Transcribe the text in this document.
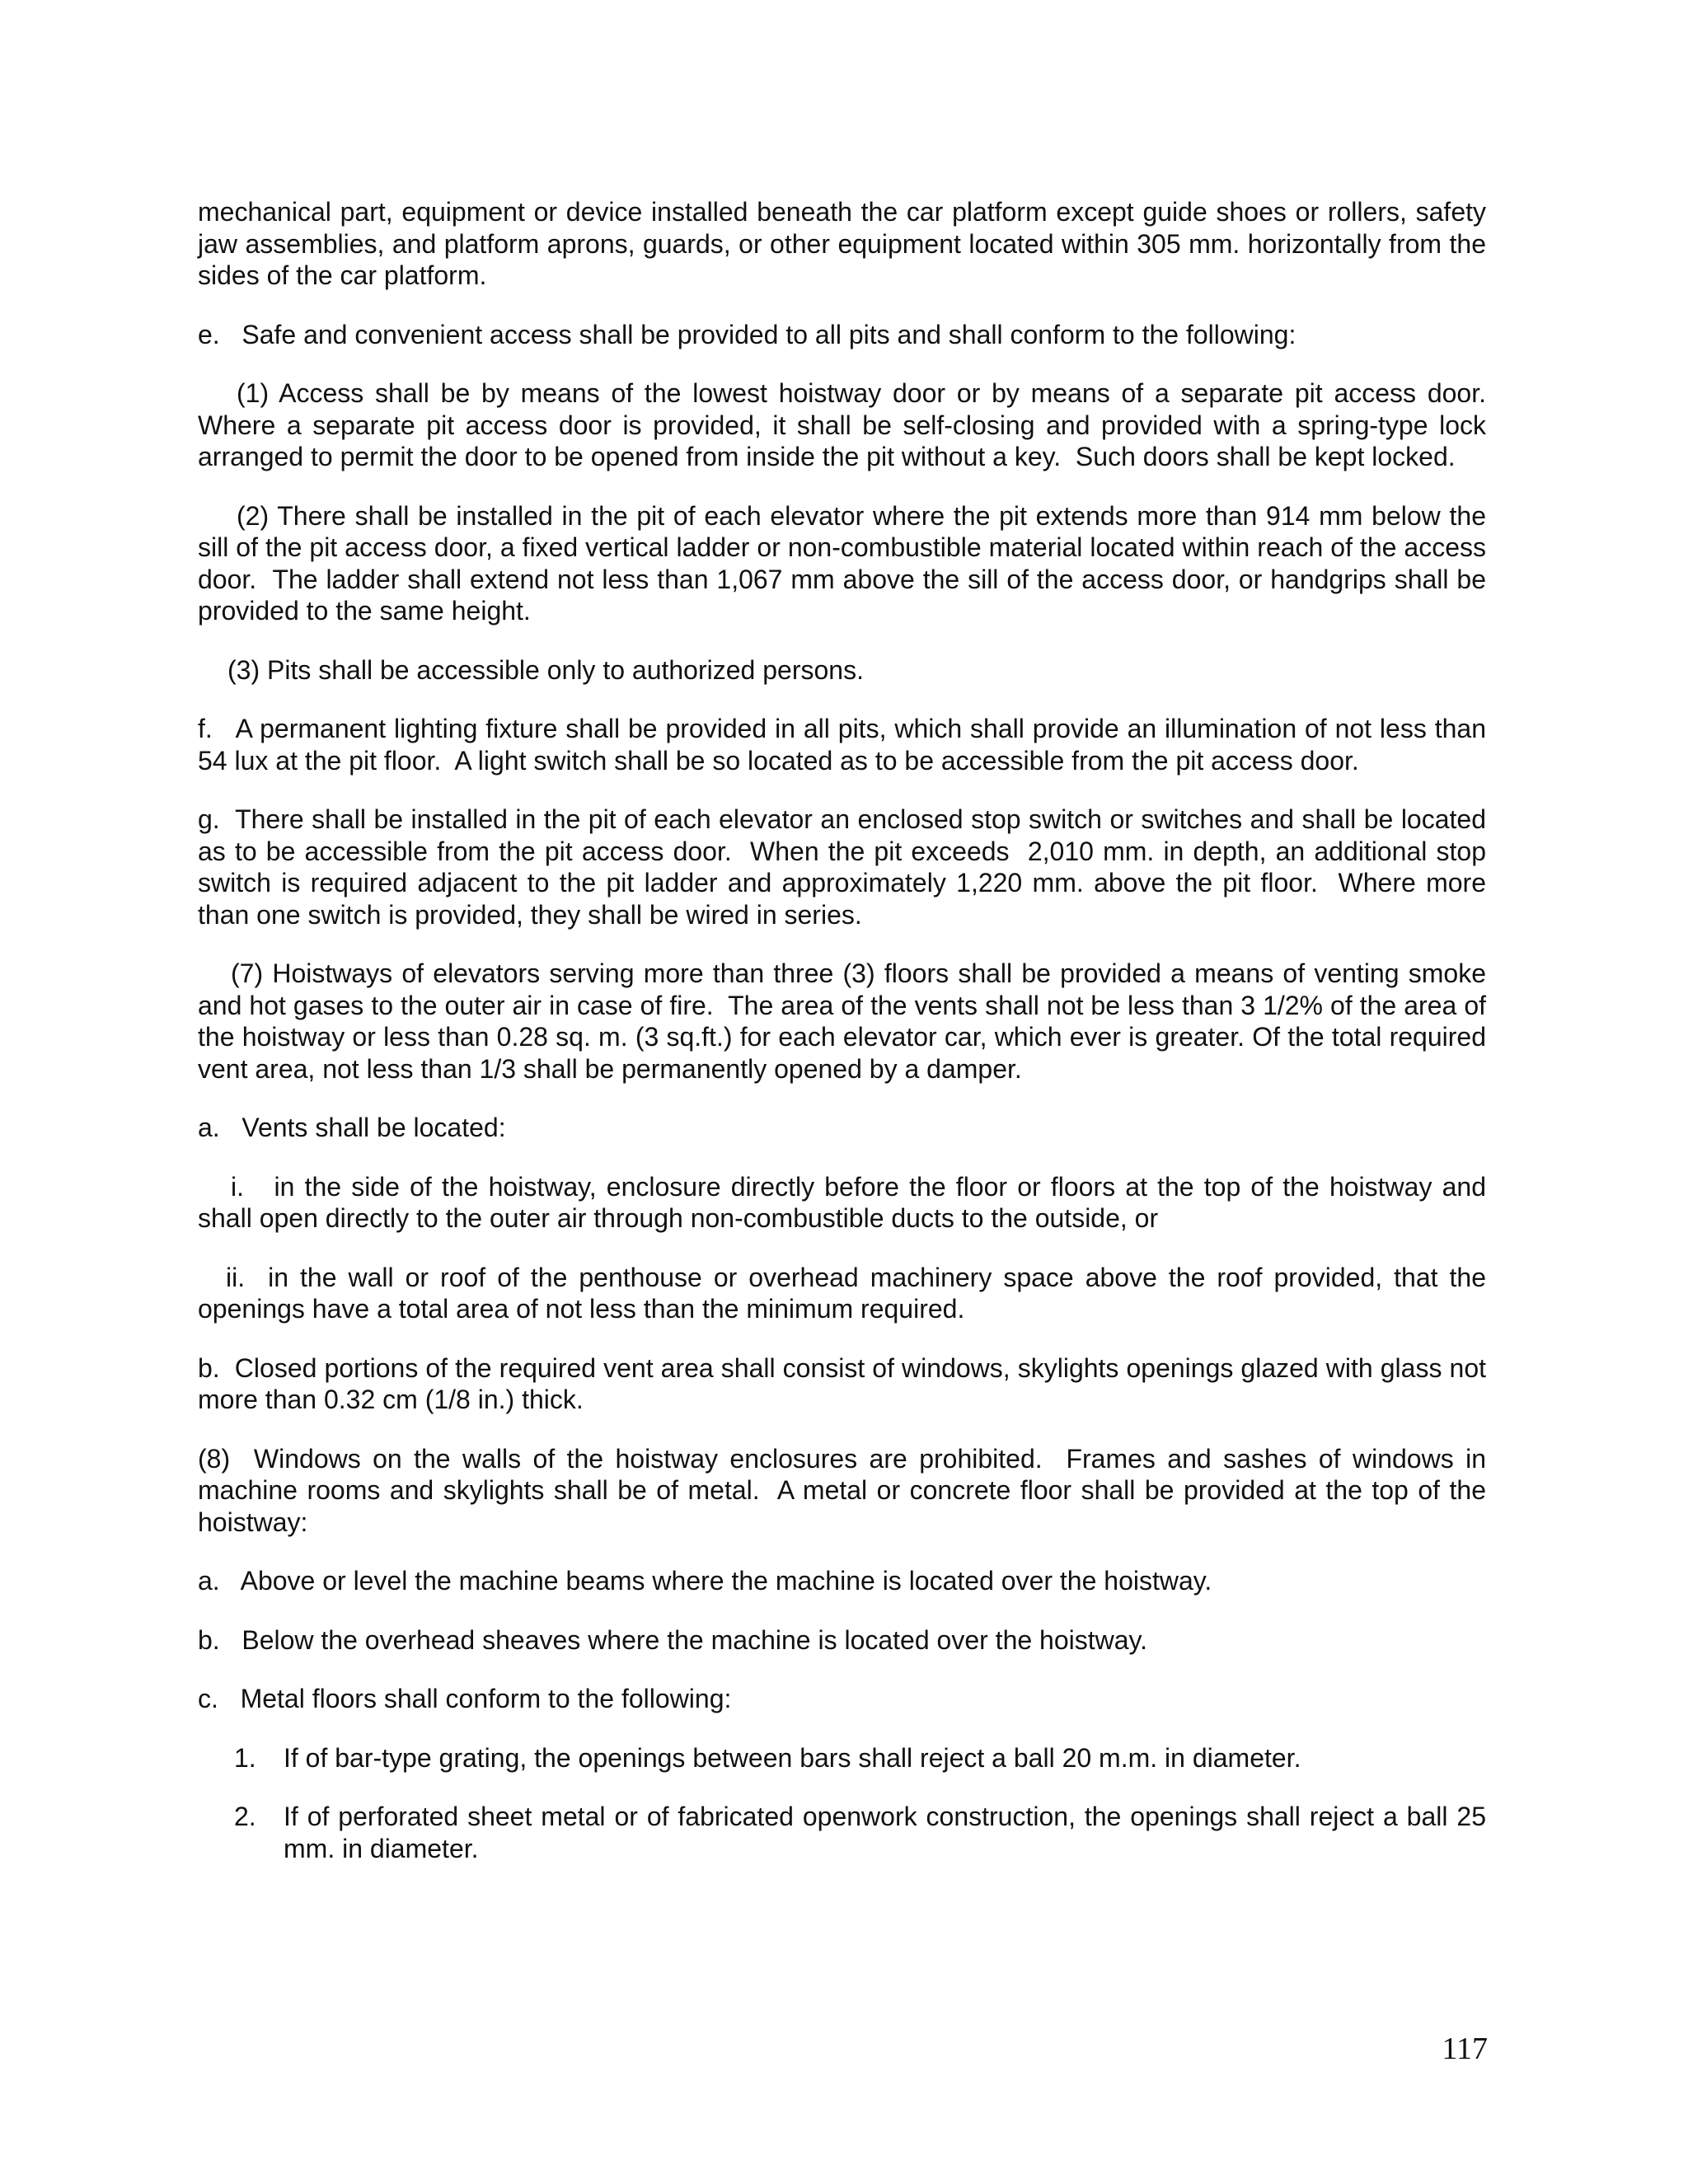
mechanical part, equipment or device installed beneath the car platform except guide shoes or rollers, safety jaw assemblies, and platform aprons, guards, or other equipment located within 305 mm. horizontally from the sides of the car platform.

e.   Safe and convenient access shall be provided to all pits and shall conform to the following:

(1) Access shall be by means of the lowest hoistway door or by means of a separate pit access door. Where a separate pit access door is provided, it shall be self-closing and provided with a spring-type lock arranged to permit the door to be opened from inside the pit without a key.  Such doors shall be kept locked.

(2) There shall be installed in the pit of each elevator where the pit extends more than 914 mm below the sill of the pit access door, a fixed vertical ladder or non-combustible material located within reach of the access door.  The ladder shall extend not less than 1,067 mm above the sill of the access door, or handgrips shall be provided to the same height.

(3) Pits shall be accessible only to authorized persons.

f.   A permanent lighting fixture shall be provided in all pits, which shall provide an illumination of not less than 54 lux at the pit floor.  A light switch shall be so located as to be accessible from the pit access door.

g.  There shall be installed in the pit of each elevator an enclosed stop switch or switches and shall be located as to be accessible from the pit access door.  When the pit exceeds  2,010 mm. in depth, an additional stop switch is required adjacent to the pit ladder and approximately 1,220 mm. above the pit floor.  Where more than one switch is provided, they shall be wired in series.

(7) Hoistways of elevators serving more than three (3) floors shall be provided a means of venting smoke and hot gases to the outer air in case of fire.  The area of the vents shall not be less than 3 1/2% of the area of the hoistway or less than 0.28 sq. m. (3 sq.ft.) for each elevator car, which ever is greater. Of the total required vent area, not less than 1/3 shall be permanently opened by a damper.

a.   Vents shall be located:

i.   in the side of the hoistway, enclosure directly before the floor or floors at the top of the hoistway and shall open directly to the outer air through non-combustible ducts to the outside, or

ii.  in the wall or roof of the penthouse or overhead machinery space above the roof provided, that the openings have a total area of not less than the minimum required.

b.  Closed portions of the required vent area shall consist of windows, skylights openings glazed with glass not more than 0.32 cm (1/8 in.) thick.

(8)  Windows on the walls of the hoistway enclosures are prohibited.  Frames and sashes of windows in machine rooms and skylights shall be of metal.  A metal or concrete floor shall be provided at the top of the hoistway:

a.   Above or level the machine beams where the machine is located over the hoistway.

b.   Below the overhead sheaves where the machine is located over the hoistway.

c.   Metal floors shall conform to the following:

1.	If of bar-type grating, the openings between bars shall reject a ball 20 m.m. in diameter.
2.	If of perforated sheet metal or of fabricated openwork construction, the openings shall reject a ball 25 mm. in diameter.
117
